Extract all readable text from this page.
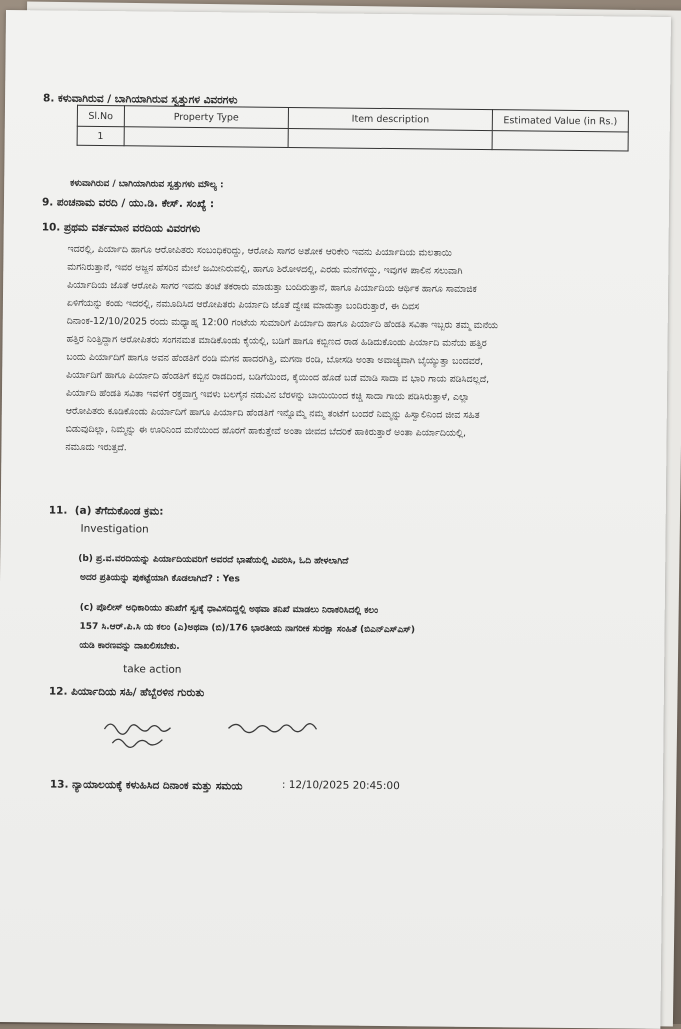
8. ಕಳುವಾಗಿರುವ / ಬಾಗಿಯಾಗಿರುವ ಸ್ವತ್ತುಗಳ ವಿವರಗಳು
Sl.No	Property Type	Item description	Estimated Value (in Rs.)
1			
ಕಳುವಾಗಿರುವ / ಬಾಗಿಯಾಗಿರುವ ಸ್ವತ್ತುಗಳು ಮೌಲ್ಯ :
9. ಪಂಚನಾಮ ವರದಿ / ಯು.ಡಿ. ಕೇಸ್. ಸಂಖ್ಯೆ :
10. ಪ್ರಥಮ ವರ್ತಮಾನ ವರದಿಯ ವಿವರಗಳು
ಇದರಲ್ಲಿ, ಪಿರ್ಯಾದಿ ಹಾಗೂ ಆರೋಪಿತರು ಸಂಬಂಧಿಕರಿದ್ದು, ಆರೋಪಿ ಸಾಗರ ಅಶೋಕ ಆರಿಕೇರಿ ಇವನು ಪಿರ್ಯಾದಿಯ ಮಲತಾಯಿ
ಮಗನಿರುತ್ತಾನೆ, ಇವರ ಅಜ್ಜನ ಹೆಸರಿನ ಮೇಲೆ ಜಮೀನಿರುವಲ್ಲಿ, ಹಾಗೂ ಶಿರೋಳದಲ್ಲಿ, ಎರಡು ಮನೆಗಳಿದ್ದು, ಇವುಗಳ ಪಾಲಿನ ಸಲುವಾಗಿ
ಪಿರ್ಯಾದಿಯ ಜೊತೆ ಆರೋಪಿ ಸಾಗರ ಇವನು ತಂಟೆ ತಕರಾರು ಮಾಡುತ್ತಾ ಬಂದಿರುತ್ತಾನೆ, ಹಾಗೂ ಪಿರ್ಯಾದಿಯ ಆರ್ಥಿಕ ಹಾಗೂ ಸಾಮಾಜಿಕ
ಏಳಿಗೆಯನ್ನು ಕಂಡು ಇದರಲ್ಲಿ, ನಮೂದಿಸಿದ ಆರೋಪಿತರು ಪಿರ್ಯಾದಿ ಜೊತೆ ದ್ವೇಷ ಮಾಡುತ್ತಾ ಬಂದಿರುತ್ತಾರೆ, ಈ ದಿವಸ
ದಿನಾಂಕ-12/10/2025 ರಂದು ಮಧ್ಯಾಹ್ನ 12:00 ಗಂಟೆಯ ಸುಮಾರಿಗೆ ಪಿರ್ಯಾದಿ ಹಾಗೂ ಪಿರ್ಯಾದಿ ಹೆಂಡತಿ ಸವಿತಾ ಇಬ್ಬರು ತಮ್ಮ ಮನೆಯ
ಹತ್ತಿರ ನಿಂತ್ತಿದ್ದಾಗ ಆರೋಪಿತರು ಸಂಗನಮತ ಮಾಡಿಕೊಂಡು ಕೈಯಲ್ಲಿ, ಬಡಿಗೆ ಹಾಗೂ ಕಬ್ಬಿಣದ ರಾಡ ಹಿಡಿದುಕೊಂಡು ಪಿರ್ಯಾದಿ ಮನೆಯ ಹತ್ತಿರ
ಬಂದು ಪಿರ್ಯಾದಿಗೆ ಹಾಗೂ ಅವನ ಹೆಂಡತಿಗೆ ರಂಡಿ ಮಗನ ಹಾದರಗಿತ್ತಿ, ಮಗನಾ ರಂಡಿ, ಬೋಸಡಿ ಅಂತಾ ಅವಾಚ್ಯವಾಗಿ ಬೈಯ್ಯುತ್ತಾ ಬಂದವರೆ,
ಪಿರ್ಯಾದಿಗೆ ಹಾಗೂ ಪಿರ್ಯಾದಿ ಹೆಂಡತಿಗೆ ಕಬ್ಬಿನ ರಾಡದಿಂದ, ಬಡಿಗೆಯಿಂದ, ಕೈಯಿಂದ ಹೊಡೆ ಬಡೆ ಮಾಡಿ ಸಾದಾ ವ ಭಾರಿ ಗಾಯ ಪಡಿಸಿದಲ್ಲದೆ,
ಪಿರ್ಯಾದಿ ಹೆಂಡತಿ ಸವಿತಾ ಇವಳಿಗೆ ರಕ್ತವಾಗ್ತ ಇವಳು ಬಲಗೈನ ನಡುವಿನ ಬೆರಳನ್ನು ಬಾಯಿಯಿಂದ ಕಚ್ಚಿ ಸಾದಾ ಗಾಯ ಪಡಿಸಿರುತ್ತಾಳೆ, ಎಲ್ಲಾ
ಆರೋಪಿತರು ಕೂಡಿಕೊಂಡು ಪಿರ್ಯಾದಿಗೆ ಹಾಗೂ ಪಿರ್ಯಾದಿ ಹೆಂಡತಿಗೆ ಇನ್ನೊಮ್ಮೆ ನಮ್ಮ ತಂಟೆಗೆ ಬಂದರೆ ನಿಮ್ಮನ್ನು ಹಿಸ್ವಾಲಿನಿಂದ ಜೀವ ಸಹಿತ
ಬಿಡುವುದಿಲ್ಲಾ, ನಿಮ್ಮನ್ನು ಈ ಊರಿನಿಂದ ಮನೆಯಿಂದ ಹೊರಗೆ ಹಾಕುತ್ತೇವೆ ಅಂತಾ ಜೀವದ ಬೆದರಿಕೆ ಹಾಕಿರುತ್ತಾರೆ ಅಂತಾ ಪಿರ್ಯಾದಿಯಲ್ಲಿ,
ನಮೂದು ಇರುತ್ತದೆ.
11. (a) ತೆಗೆದುಕೊಂಡ ಕ್ರಮ:
Investigation
(b) ಪ್ರ.ವ.ವರದಿಯನ್ನು ಪಿರ್ಯಾದಿಯವರಿಗೆ ಅವರದೆ ಭಾಷೆಯಲ್ಲಿ ವಿವರಿಸಿ, ಓದಿ ಹೇಳಲಾಗಿದೆ
ಅದರ ಪ್ರತಿಯನ್ನು ಪುಕಟ್ಟೆಯಾಗಿ ಕೊಡಲಾಗಿದೆ? : Yes
(c) ಪೊಲೀಸ್ ಅಧಿಕಾರಿಯು ತನಿಖೆಗೆ ಸ್ವಃಕ್ಕೆ ಧಾವಿಸದಿದ್ದಲ್ಲಿ ಅಥವಾ ತನಿಖೆ ಮಾಡಲು ನಿರಾಕರಿಸಿದಲ್ಲಿ ಕಲಂ
157 ಸಿ.ಆರ್.ಪಿ.ಸಿ ಯ ಕಲಂ (ಎ)ಅಥವಾ (ಬಿ)/176 ಭಾರತೀಯ ನಾಗರೀಕ ಸುರಕ್ಷಾ ಸಂಹಿತೆ (ಬಿಎನ್‌ಎಸ್‌ಎಸ್)
ಯಡಿ ಕಾರಣವನ್ನು ದಾಖಲಿಸಬೇಕು.
take action
12. ಪಿರ್ಯಾದಿಯ ಸಹಿ/ ಹೆಬ್ಬೆರಳಿನ ಗುರುತು
13. ನ್ಯಾಯಾಲಯಕ್ಕೆ ಕಳುಹಿಸಿದ ದಿನಾಂಕ ಮತ್ತು ಸಮಯ	: 12/10/2025 20:45:00
